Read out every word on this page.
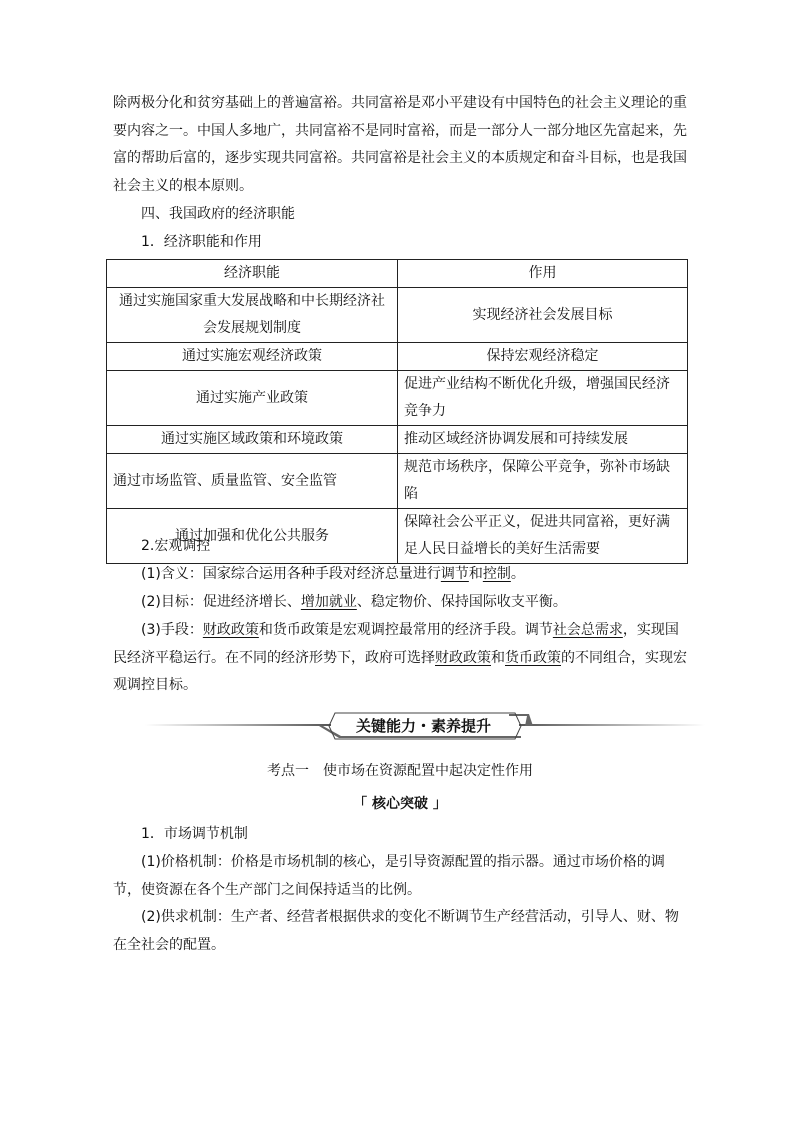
除两极分化和贫穷基础上的普遍富裕。共同富裕是邓小平建设有中国特色的社会主义理论的重要内容之一。中国人多地广，共同富裕不是同时富裕，而是一部分人一部分地区先富起来，先富的帮助后富的，逐步实现共同富裕。共同富裕是社会主义的本质规定和奋斗目标，也是我国社会主义的根本原则。

四、我国政府的经济职能

1．经济职能和作用

经济职能	作用
通过实施国家重大发展战略和中长期经济社会发展规划制度	实现经济社会发展目标
通过实施宏观经济政策	保持宏观经济稳定
通过实施产业政策	促进产业结构不断优化升级，增强国民经济竞争力
通过实施区域政策和环境政策	推动区域经济协调发展和可持续发展
通过市场监管、质量监管、安全监管	规范市场秩序，保障公平竞争，弥补市场缺陷
通过加强和优化公共服务	保障社会公平正义，促进共同富裕，更好满足人民日益增长的美好生活需要

2.宏观调控

(1)含义：国家综合运用各种手段对经济总量进行调节和控制。

(2)目标：促进经济增长、增加就业、稳定物价、保持国际收支平衡。

(3)手段：财政政策和货币政策是宏观调控最常用的经济手段。调节社会总需求，实现国民经济平稳运行。在不同的经济形势下，政府可选择财政政策和货币政策的不同组合，实现宏观调控目标。

关键能力・素养提升

考点一　使市场在资源配置中起决定性作用

「 核心突破 」

1．市场调节机制

(1)价格机制：价格是市场机制的核心，是引导资源配置的指示器。通过市场价格的调节，使资源在各个生产部门之间保持适当的比例。

(2)供求机制：生产者、经营者根据供求的变化不断调节生产经营活动，引导人、财、物在全社会的配置。
